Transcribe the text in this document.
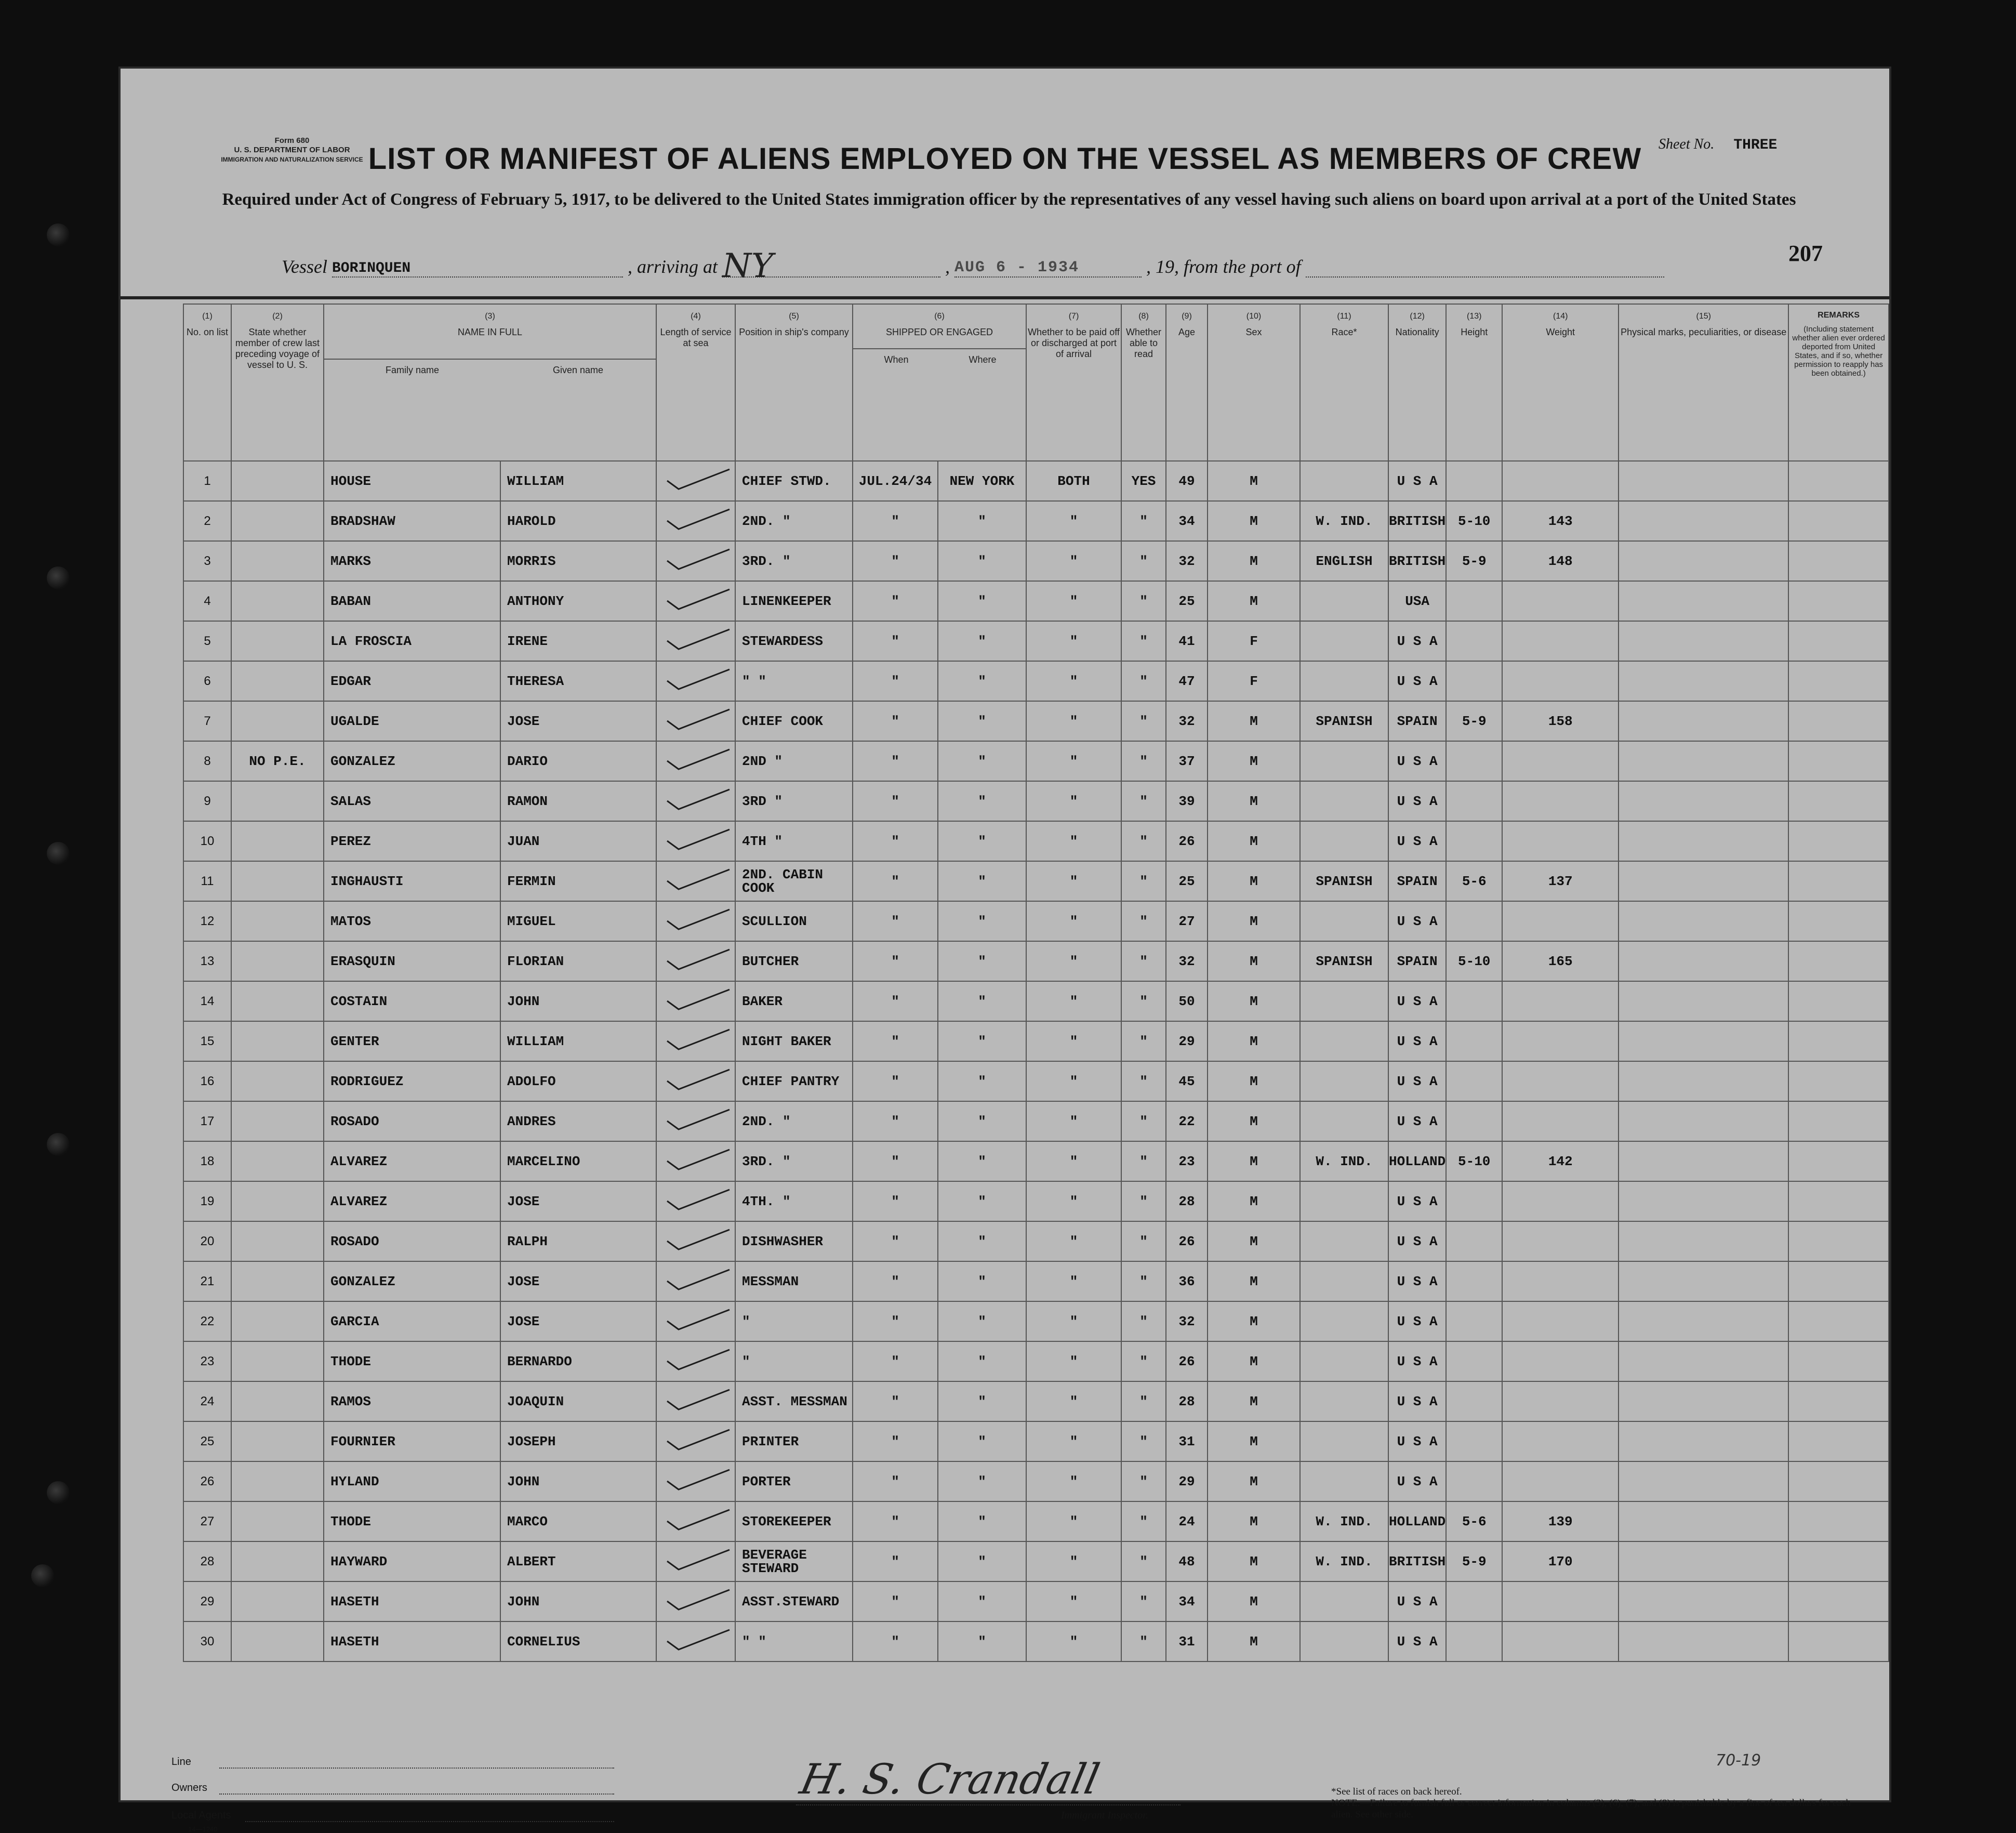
Form 680
U. S. DEPARTMENT OF LABOR
IMMIGRATION AND NATURALIZATION SERVICE
Sheet No. THREE
LIST OR MANIFEST OF ALIENS EMPLOYED ON THE VESSEL AS MEMBERS OF CREW
Required under Act of Congress of February 5, 1917, to be delivered to the United States immigration officer by the representatives of any vessel having such aliens on board upon arrival at a port of the United States
207
Vessel BORINQUEN	, arriving at NY	, AUG 6 - 1934	, 19, from the port of
(1)
No. on list	(2)
State whether member of crew last preceding voyage of vessel to U. S.	(3)
NAME IN FULL
Family name Given name		(4)
Length of service at sea	(5)
Position in ship's company	(6)
SHIPPED OR ENGAGED
When Where		(7)
Whether to be paid off or discharged at port of arrival	(8)
Whether able to read	(9)
Age	(10)
Sex	(11)
Race*	(12)
Nationality	(13)
Height	(14)
Weight	(15)
Physical marks, peculiarities, or disease	REMARKS
(Including statement whether alien ever ordered deported from United States, and if so, whether permission to reapply has been obtained.)
1		HOUSE	WILLIAM		CHIEF STWD.	JUL.24/34	NEW YORK	BOTH	YES	49	M		U S A				
2		BRADSHAW	HAROLD		2ND. "	"	"	"	"	34	M	W. IND.	BRITISH	5-10	143		
3		MARKS	MORRIS		3RD. "	"	"	"	"	32	M	ENGLISH	BRITISH	5-9	148		
4		BABAN	ANTHONY		LINENKEEPER	"	"	"	"	25	M		USA				
5		LA FROSCIA	IRENE		STEWARDESS	"	"	"	"	41	F		U S A				
6		EDGAR	THERESA		" "	"	"	"	"	47	F		U S A				
7		UGALDE	JOSE		CHIEF COOK	"	"	"	"	32	M	SPANISH	SPAIN	5-9	158		
8	NO P.E.	GONZALEZ	DARIO		2ND "	"	"	"	"	37	M		U S A				
9		SALAS	RAMON		3RD "	"	"	"	"	39	M		U S A				
10		PEREZ	JUAN		4TH "	"	"	"	"	26	M		U S A				
11		INGHAUSTI	FERMIN		2ND. CABIN COOK	"	"	"	"	25	M	SPANISH	SPAIN	5-6	137		
12		MATOS	MIGUEL		SCULLION	"	"	"	"	27	M		U S A				
13		ERASQUIN	FLORIAN		BUTCHER	"	"	"	"	32	M	SPANISH	SPAIN	5-10	165		
14		COSTAIN	JOHN		BAKER	"	"	"	"	50	M		U S A				
15		GENTER	WILLIAM		NIGHT BAKER	"	"	"	"	29	M		U S A				
16		RODRIGUEZ	ADOLFO		CHIEF PANTRY	"	"	"	"	45	M		U S A				
17		ROSADO	ANDRES		2ND. "	"	"	"	"	22	M		U S A				
18		ALVAREZ	MARCELINO		3RD. "	"	"	"	"	23	M	W. IND.	HOLLAND	5-10	142		
19		ALVAREZ	JOSE		4TH. "	"	"	"	"	28	M		U S A				
20		ROSADO	RALPH		DISHWASHER	"	"	"	"	26	M		U S A				
21		GONZALEZ	JOSE		MESSMAN	"	"	"	"	36	M		U S A				
22		GARCIA	JOSE		"	"	"	"	"	32	M		U S A				
23		THODE	BERNARDO		"	"	"	"	"	26	M		U S A				
24		RAMOS	JOAQUIN		ASST. MESSMAN	"	"	"	"	28	M		U S A				
25		FOURNIER	JOSEPH		PRINTER	"	"	"	"	31	M		U S A				
26		HYLAND	JOHN		PORTER	"	"	"	"	29	M		U S A				
27		THODE	MARCO		STOREKEEPER	"	"	"	"	24	M	W. IND.	HOLLAND	5-6	139		
28		HAYWARD	ALBERT		BEVERAGE STEWARD	"	"	"	"	48	M	W. IND.	BRITISH	5-9	170		
29		HASETH	JOHN		ASST.STEWARD	"	"	"	"	34	M		U S A				
30		HASETH	CORNELIUS		" "	"	"	"	"	31	M		U S A				
Line
Owners
Local Agents
14—1240
H. S. Crandall
Immigrant Inspector.
70-19
*See list of races on back hereof.
NOTE.—Failure to furnish full or correct information in columns (3), (6), (7), and (8) is punishable by a fine of ten dollars for each alien. See other side.
